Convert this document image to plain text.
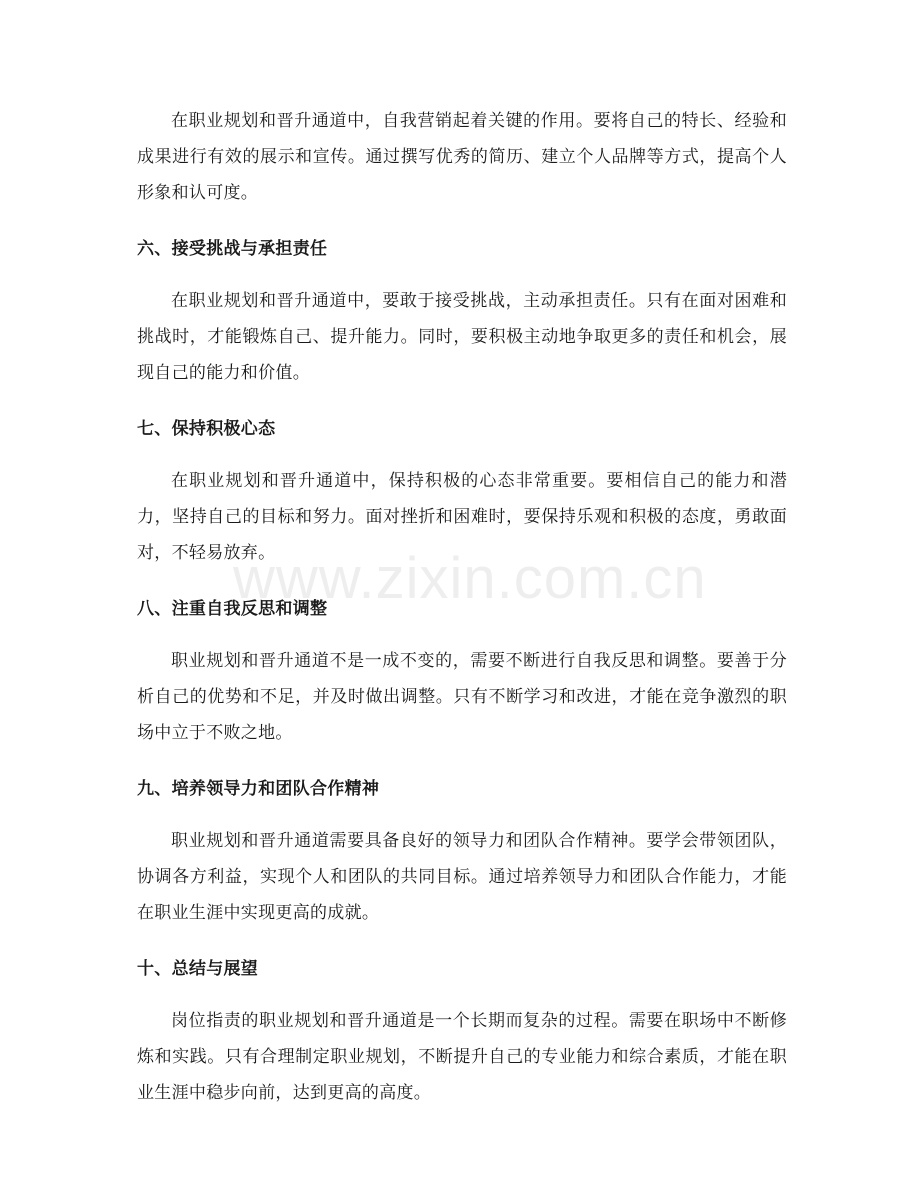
在职业规划和晋升通道中，自我营销起着关键的作用。要将自己的特长、经验和成果进行有效的展示和宣传。通过撰写优秀的简历、建立个人品牌等方式，提高个人形象和认可度。

六、接受挑战与承担责任

在职业规划和晋升通道中，要敢于接受挑战，主动承担责任。只有在面对困难和挑战时，才能锻炼自己、提升能力。同时，要积极主动地争取更多的责任和机会，展现自己的能力和价值。

七、保持积极心态

在职业规划和晋升通道中，保持积极的心态非常重要。要相信自己的能力和潜力，坚持自己的目标和努力。面对挫折和困难时，要保持乐观和积极的态度，勇敢面对，不轻易放弃。

八、注重自我反思和调整

职业规划和晋升通道不是一成不变的，需要不断进行自我反思和调整。要善于分析自己的优势和不足，并及时做出调整。只有不断学习和改进，才能在竞争激烈的职场中立于不败之地。

九、培养领导力和团队合作精神

职业规划和晋升通道需要具备良好的领导力和团队合作精神。要学会带领团队，协调各方利益，实现个人和团队的共同目标。通过培养领导力和团队合作能力，才能在职业生涯中实现更高的成就。

十、总结与展望

岗位指责的职业规划和晋升通道是一个长期而复杂的过程。需要在职场中不断修炼和实践。只有合理制定职业规划，不断提升自己的专业能力和综合素质，才能在职业生涯中稳步向前，达到更高的高度。

www.zixin.com.cn
